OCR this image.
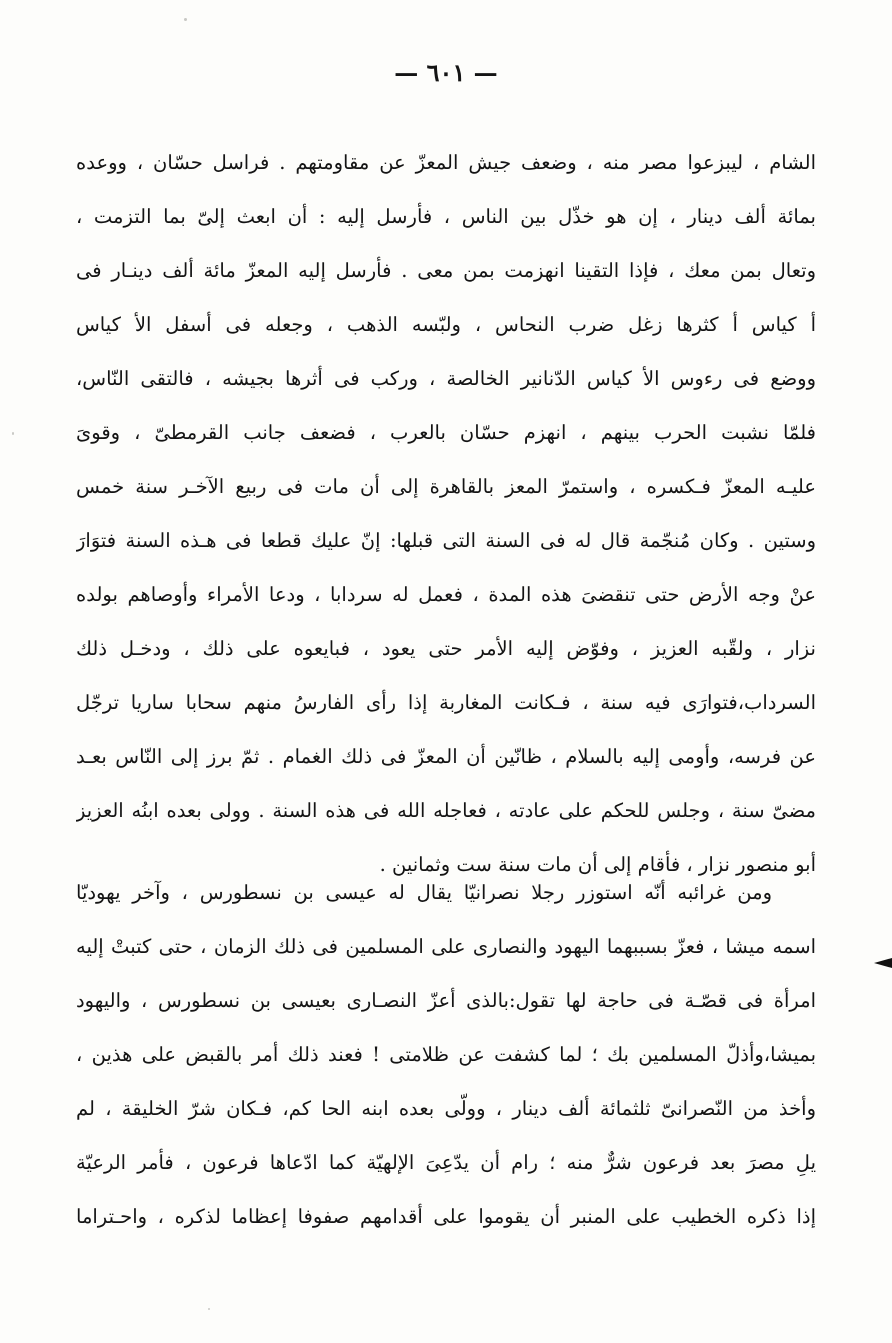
— ٦٠١ —
الشام ، ليبزعوا مصر منه ، وضعف جيش المعزّ عن مقاومتهم . فراسل حسّان ، ووعده
بمائة ألف دينار ، إن هو خذّل بين الناس ، فأرسل إليه : أن ابعث إلىّ بما التزمت ،
وتعال بمن معك ، فإذا التقينا انهزمت بمن معى . فأرسل إليه المعزّ مائة ألف دينـار فى
أ كياس أ كثرها زغل ضرب النحاس ، ولبّسه الذهب ، وجعله فى أسفل الأ كياس
ووضع فى رءوس الأ كياس الدّنانير الخالصة ، وركب فى أثرها بجيشه ، فالتقى النّاس،
فلمّا نشبت الحرب بينهم ، انهزم حسّان بالعرب ، فضعف جانب القرمطىّ ، وقوىَ
عليـه المعزّ فـكسره ، واستمرّ المعز بالقاهرة إلى أن مات فى ربيع الآخـر سنة خمس
وستين . وكان مُنجّمة قال له فى السنة التى قبلها: إنّ عليك قطعا فى هـذه السنة فتوَارَ
عنْ وجه الأرض حتى تنقضىَ هذه المدة ، فعمل له سردابا ، ودعا الأمراء وأوصاهم بولده
نزار ، ولقّبه العزيز ، وفوّض إليه الأمر حتى يعود ، فبايعوه على ذلك ، ودخـل ذلك
السرداب،فتوارَى فيه سنة ، فـكانت المغاربة إذا رأى الفارسُ منهم سحابا ساريا ترجّل
عن فرسه، وأومى إليه بالسلام ، ظانّين أن المعزّ فى ذلك الغمام . ثمّ برز إلى النّاس بعـد
مضىّ سنة ، وجلس للحكم على عادته ، فعاجله الله فى هذه السنة . وولى بعده ابنُه العزيز
أبو منصور نزار ، فأقام إلى أن مات سنة ست وثمانين .
ومن غرائبه أنّه استوزر رجلا نصرانيّا يقال له عيسى بن نسطورس ، وآخر يهوديّا
اسمه ميشا ، فعزّ بسببهما اليهود والنصارى على المسلمين فى ذلك الزمان ، حتى كتبتْ إليه
امرأة فى قصّـة فى حاجة لها تقول:بالذى أعزّ النصـارى بعيسى بن نسطورس ، واليهود
بميشا،وأذلّ المسلمين بك ؛ لما كشفت عن ظلامتى ! فعند ذلك أمر بالقبض على هذين ،
وأخذ من النّصرانىّ ثلثمائة ألف دينار ، وولّى بعده ابنه الحا كم، فـكان شرّ الخليقة ، لم
يلِ مصرَ بعد فرعون شرٌّ منه ؛ رام أن يدّعِىَ الإلهيّة كما ادّعاها فرعون ، فأمر الرعيّة
إذا ذكره الخطيب على المنبر أن يقوموا على أقدامهم صفوفا إعظاما لذكره ، واحـتراما
